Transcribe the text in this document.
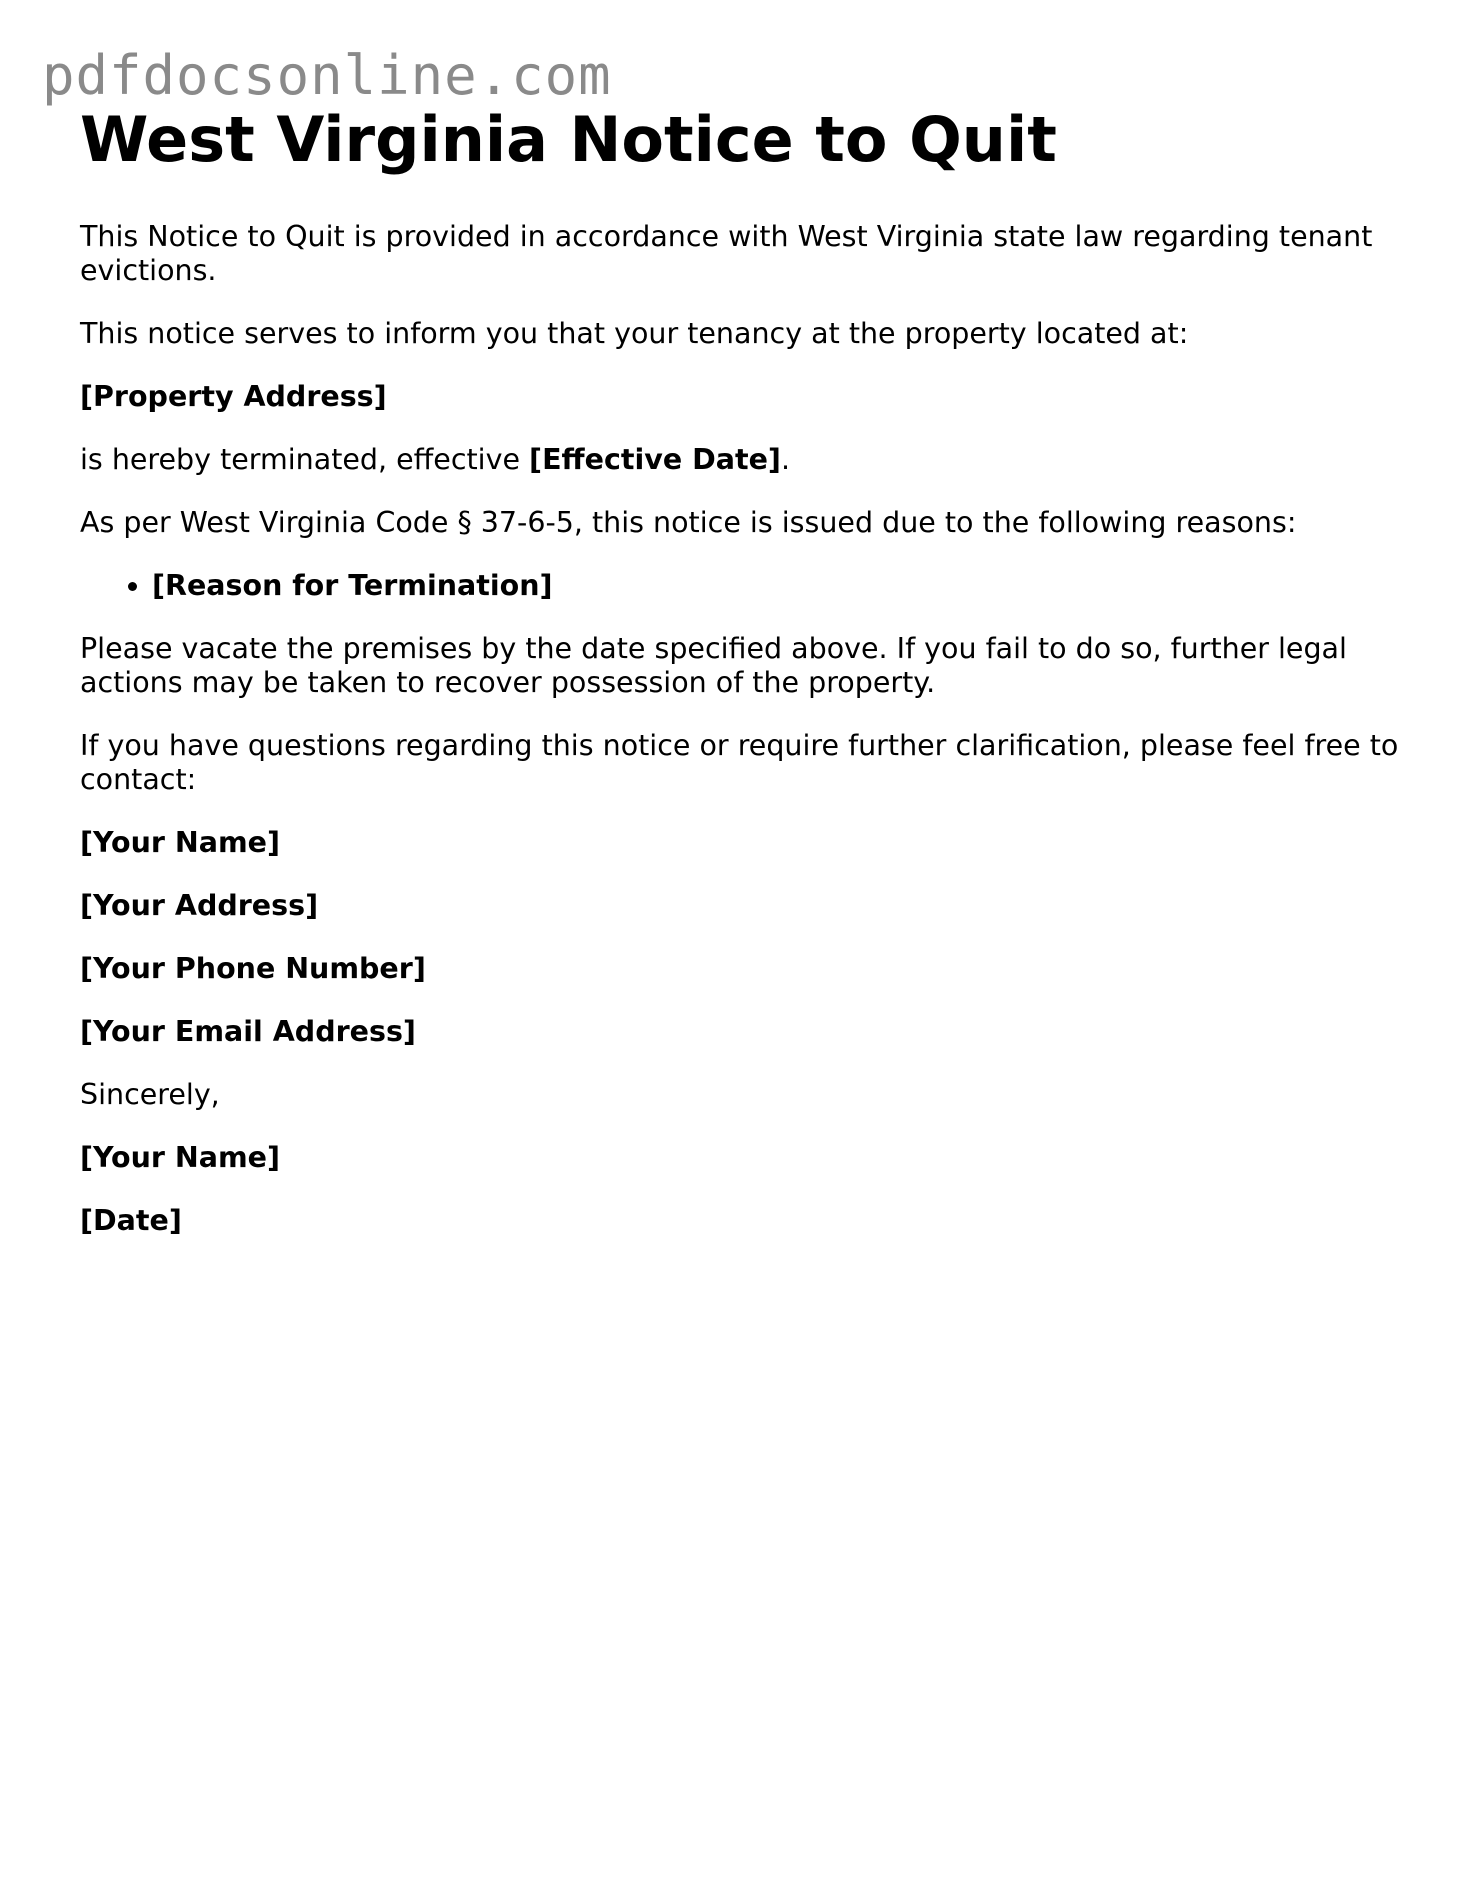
pdfdocsonline.com
West Virginia Notice to Quit

This Notice to Quit is provided in accordance with West Virginia state law regarding tenant evictions.

This notice serves to inform you that your tenancy at the property located at:

[Property Address]

is hereby terminated, effective [Effective Date].

As per West Virginia Code § 37-6-5, this notice is issued due to the following reasons:

• [Reason for Termination]

Please vacate the premises by the date specified above. If you fail to do so, further legal actions may be taken to recover possession of the property.

If you have questions regarding this notice or require further clarification, please feel free to contact:

[Your Name]

[Your Address]

[Your Phone Number]

[Your Email Address]

Sincerely,

[Your Name]

[Date]
